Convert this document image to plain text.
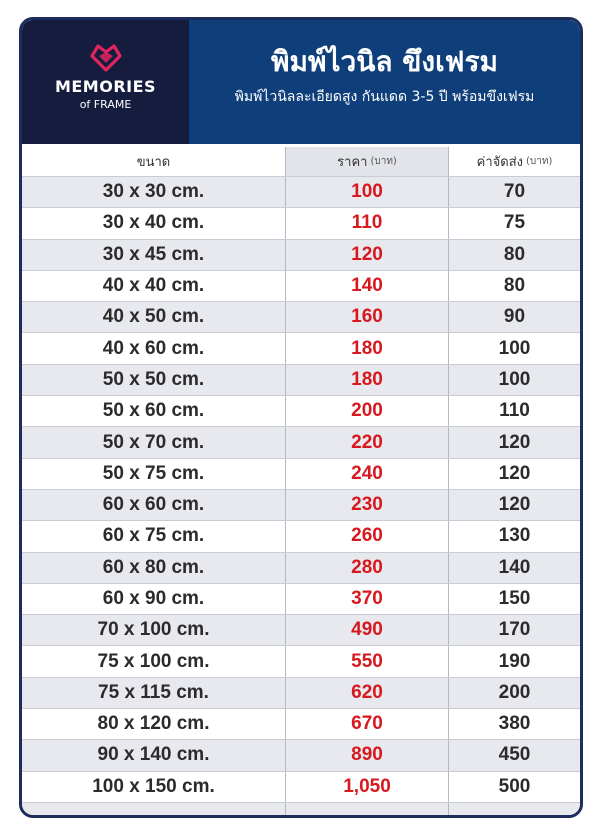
MEMORIES
of FRAME
พิมพ์ไวนิล ขึงเฟรม
พิมพ์ไวนิลละเอียดสูง กันแดด 3-5 ปี พร้อมขึงเฟรม
ขนาด	ราคา (บาท)	ค่าจัดส่ง (บาท)
30 x 30 cm.	100	70
30 x 40 cm.	110	75
30 x 45 cm.	120	80
40 x 40 cm.	140	80
40 x 50 cm.	160	90
40 x 60 cm.	180	100
50 x 50 cm.	180	100
50 x 60 cm.	200	110
50 x 70 cm.	220	120
50 x 75 cm.	240	120
60 x 60 cm.	230	120
60 x 75 cm.	260	130
60 x 80 cm.	280	140
60 x 90 cm.	370	150
70 x 100 cm.	490	170
75 x 100 cm.	550	190
75 x 115 cm.	620	200
80 x 120 cm.	670	380
90 x 140 cm.	890	450
100 x 150 cm.	1,050	500
